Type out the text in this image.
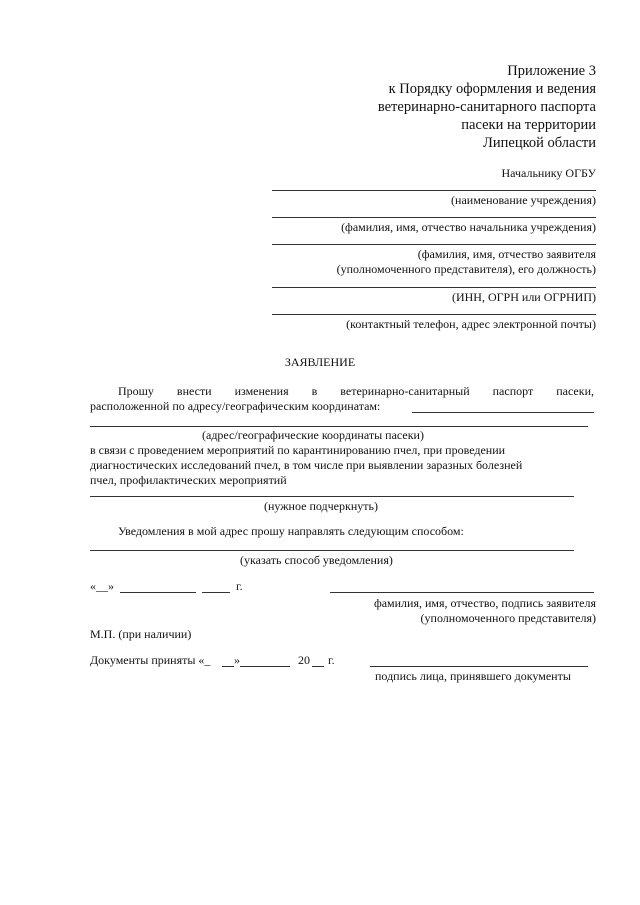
Приложение 3
к Порядку оформления и ведения
ветеринарно-санитарного паспорта
пасеки на территории
Липецкой области
Начальнику ОГБУ
(наименование учреждения)
(фамилия, имя, отчество начальника учреждения)
(фамилия, имя, отчество заявителя
(уполномоченного представителя), его должность)
(ИНН, ОГРН или ОГРНИП)
(контактный телефон, адрес электронной почты)
ЗАЯВЛЕНИЕ
Прошу внести изменения в ветеринарно-санитарный паспорт пасеки,
расположенной по адресу/географическим координатам:
(адрес/географические координаты пасеки)
в связи с проведением мероприятий по карантинированию пчел, при проведении
диагностических исследований пчел, в том числе при выявлении заразных болезней
пчел, профилактических мероприятий
(нужное подчеркнуть)
Уведомления в мой адрес прошу направлять следующим способом:
(указать способ уведомления)
«__»	г.
фамилия, имя, отчество, подпись заявителя
(уполномоченного представителя)
М.П. (при наличии)
Документы приняты «_ »	20 г.
подпись лица, принявшего документы
